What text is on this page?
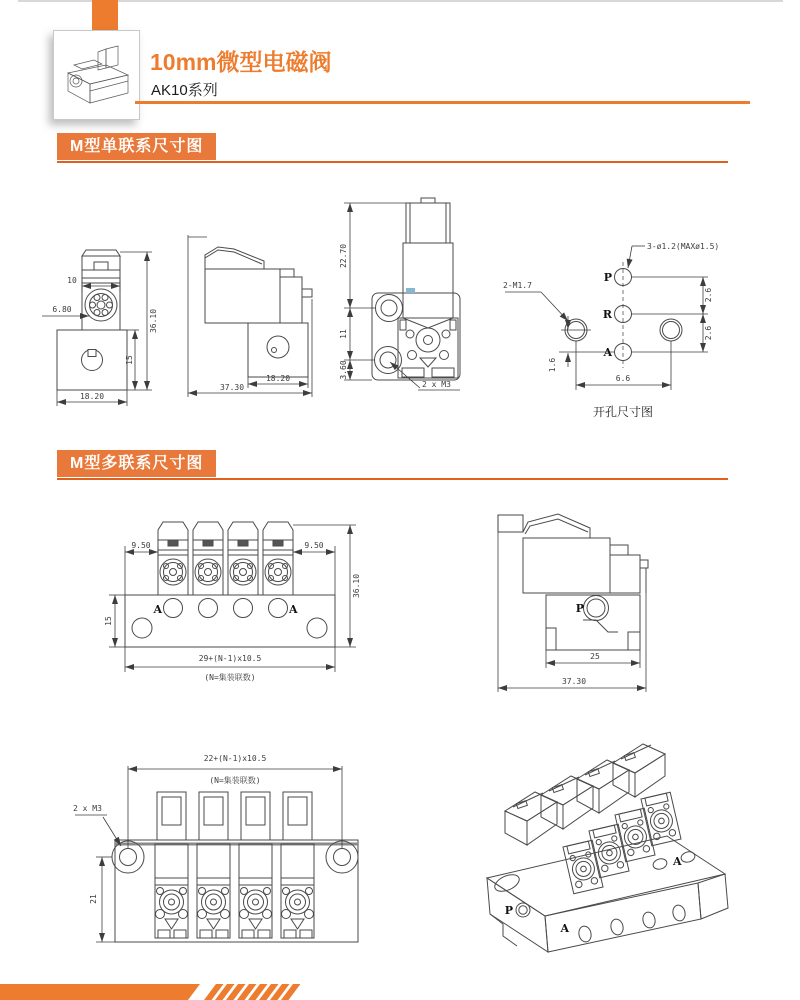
10mm微型电磁阀
AK10系列
M型单联系尺寸图
10
6.80	36.10
15
18.20
18.20
37.30
22.70
11
3.60
2 x M3
3-ø1.2(MAXø1.5)
2-M1.7
P
R
A
2.6
2.6
1.6
6.6
开孔尺寸图
M型多联系尺寸图
9.50	9.50
36.10
15
A	A
29+(N-1)x10.5
(N=集装联数)
P
25
37.30
22+(N-1)x10.5
(N=集装联数)
2 x M3
21
A
A
P
